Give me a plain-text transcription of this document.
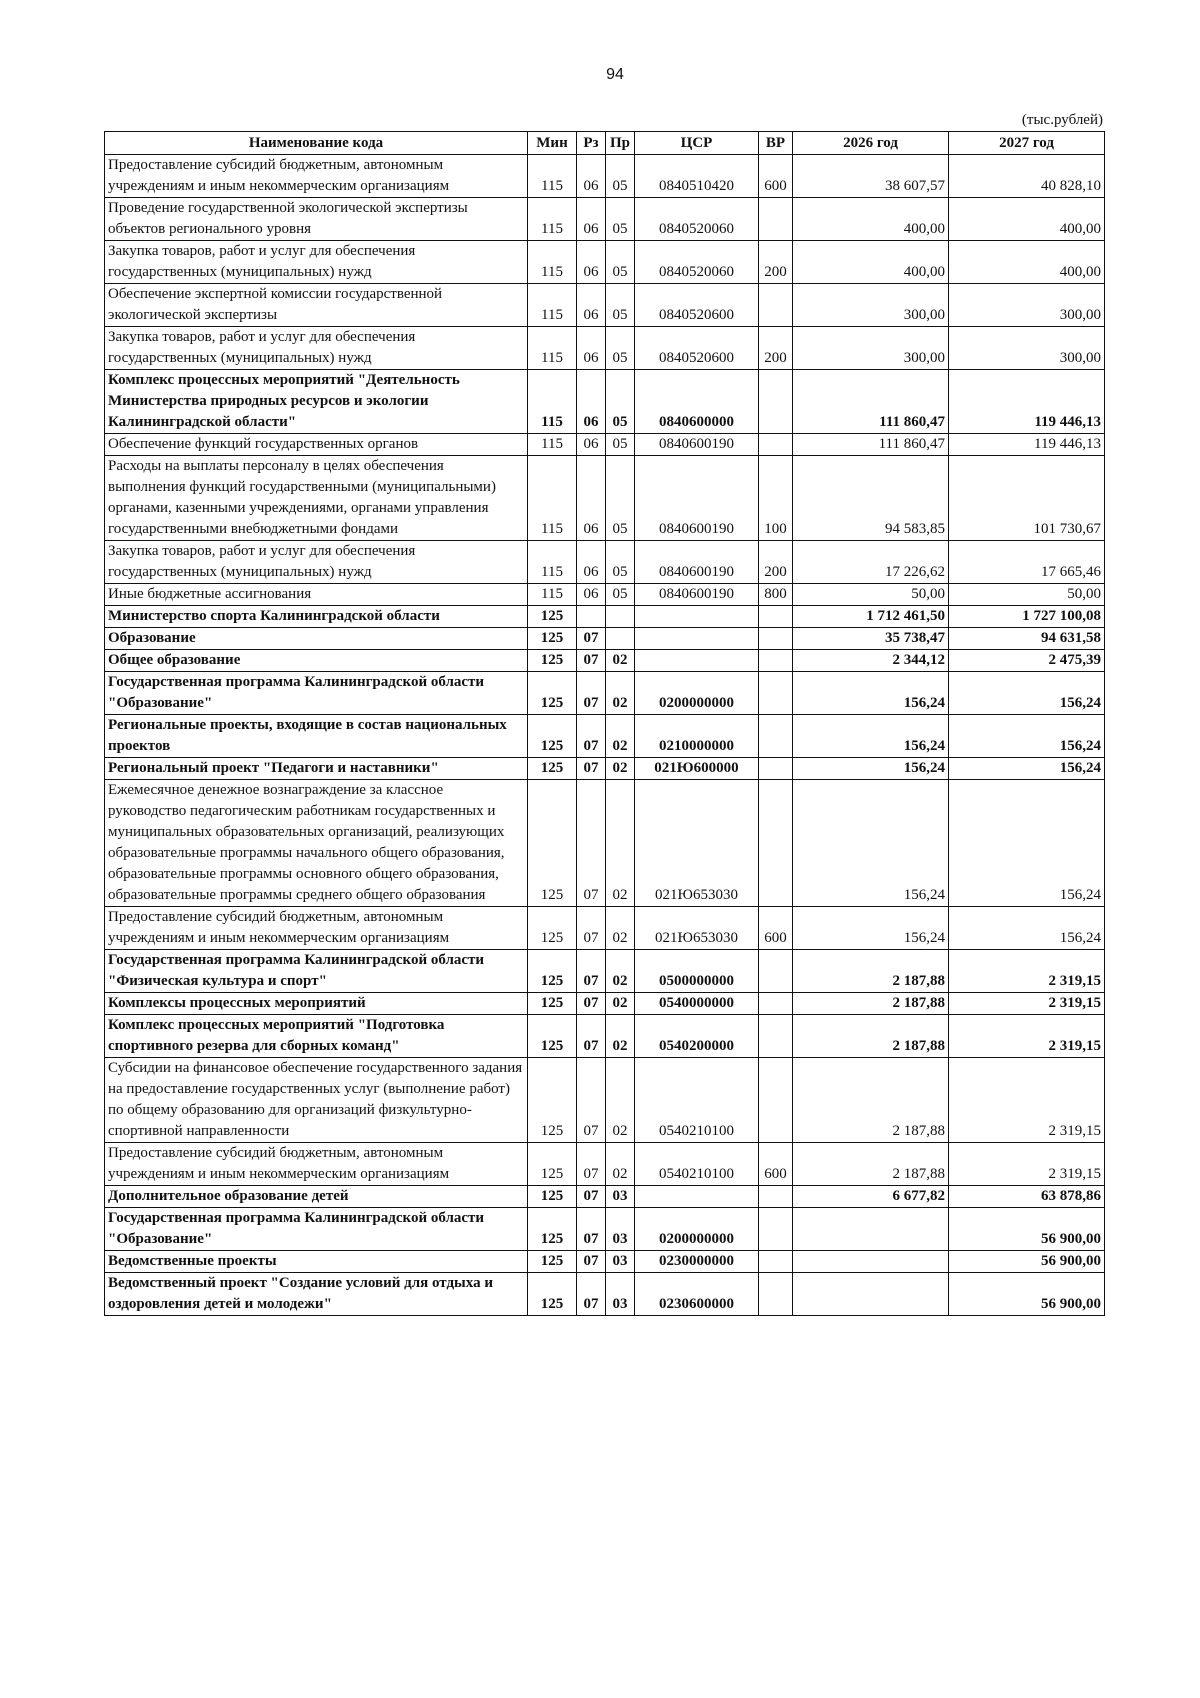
94
(тыс.рублей)
Наименование кода	Мин	Рз	Пр	ЦСР	ВР	2026 год	2027 год
Предоставление субсидий бюджетным, автономным учреждениям и иным некоммерческим организациям	115	06	05	0840510420	600	38 607,57	40 828,10
Проведение государственной экологической экспертизы объектов регионального уровня	115	06	05	0840520060		400,00	400,00
Закупка товаров, работ и услуг для обеспечения государственных (муниципальных) нужд	115	06	05	0840520060	200	400,00	400,00
Обеспечение экспертной комиссии государственной экологической экспертизы	115	06	05	0840520600		300,00	300,00
Закупка товаров, работ и услуг для обеспечения государственных (муниципальных) нужд	115	06	05	0840520600	200	300,00	300,00
Комплекс процессных мероприятий "Деятельность Министерства природных ресурсов и экологии Калининградской области"	115	06	05	0840600000		111 860,47	119 446,13
Обеспечение функций государственных органов	115	06	05	0840600190		111 860,47	119 446,13
Расходы на выплаты персоналу в целях обеспечения выполнения функций государственными (муниципальными) органами, казенными учреждениями, органами управления государственными внебюджетными фондами	115	06	05	0840600190	100	94 583,85	101 730,67
Закупка товаров, работ и услуг для обеспечения государственных (муниципальных) нужд	115	06	05	0840600190	200	17 226,62	17 665,46
Иные бюджетные ассигнования	115	06	05	0840600190	800	50,00	50,00
Министерство спорта Калининградской области	125					1 712 461,50	1 727 100,08
Образование	125	07				35 738,47	94 631,58
Общее образование	125	07	02			2 344,12	2 475,39
Государственная программа Калининградской области "Образование"	125	07	02	0200000000		156,24	156,24
Региональные проекты, входящие в состав национальных проектов	125	07	02	0210000000		156,24	156,24
Региональный проект "Педагоги и наставники"	125	07	02	021Ю600000		156,24	156,24
Ежемесячное денежное вознаграждение за классное руководство педагогическим работникам государственных и муниципальных образовательных организаций, реализующих образовательные программы начального общего образования, образовательные программы основного общего образования, образовательные программы среднего общего образования	125	07	02	021Ю653030		156,24	156,24
Предоставление субсидий бюджетным, автономным учреждениям и иным некоммерческим организациям	125	07	02	021Ю653030	600	156,24	156,24
Государственная программа Калининградской области "Физическая культура и спорт"	125	07	02	0500000000		2 187,88	2 319,15
Комплексы процессных мероприятий	125	07	02	0540000000		2 187,88	2 319,15
Комплекс процессных мероприятий "Подготовка спортивного резерва для сборных команд"	125	07	02	0540200000		2 187,88	2 319,15
Субсидии на финансовое обеспечение государственного задания на предоставление государственных услуг (выполнение работ) по общему образованию для организаций физкультурно-спортивной направленности	125	07	02	0540210100		2 187,88	2 319,15
Предоставление субсидий бюджетным, автономным учреждениям и иным некоммерческим организациям	125	07	02	0540210100	600	2 187,88	2 319,15
Дополнительное образование детей	125	07	03			6 677,82	63 878,86
Государственная программа Калининградской области "Образование"	125	07	03	0200000000			56 900,00
Ведомственные проекты	125	07	03	0230000000			56 900,00
Ведомственный проект "Создание условий для отдыха и оздоровления детей и молодежи"	125	07	03	0230600000			56 900,00
